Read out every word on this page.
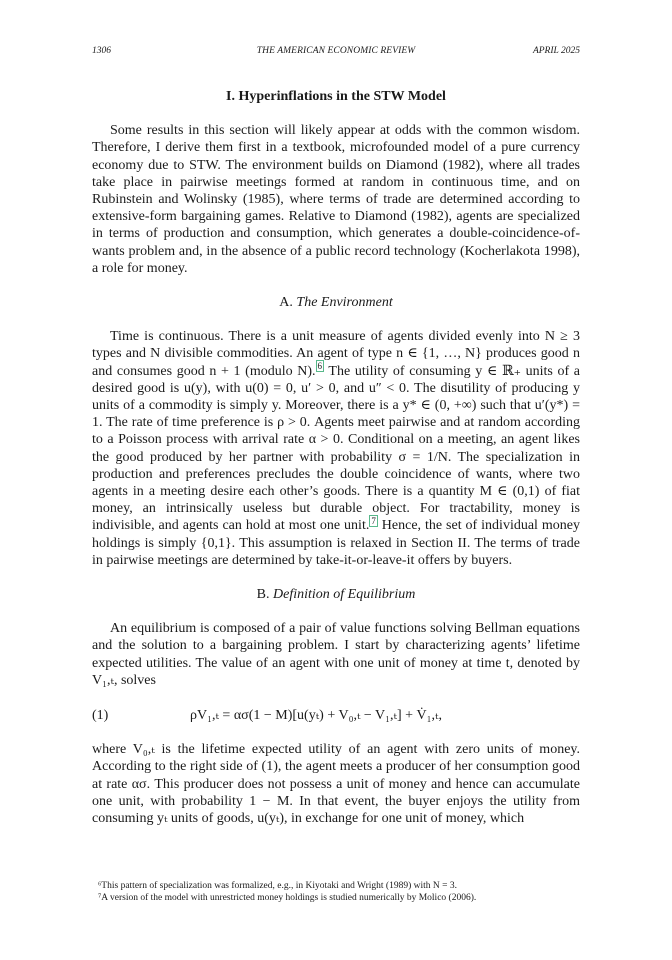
1306	THE AMERICAN ECONOMIC REVIEW	APRIL 2025
I. Hyperinflations in the STW Model

Some results in this section will likely appear at odds with the common wisdom. Therefore, I derive them first in a textbook, microfounded model of a pure currency economy due to STW. The environment builds on Diamond (1982), where all trades take place in pairwise meetings formed at random in continuous time, and on Rubinstein and Wolinsky (1985), where terms of trade are determined according to extensive-form bargaining games. Relative to Diamond (1982), agents are specialized in terms of production and consumption, which generates a double-coincidence-of-wants problem and, in the absence of a public record technology (Kocherlakota 1998), a role for money.

A. The Environment

Time is continuous. There is a unit measure of agents divided evenly into N ≥ 3 types and N divisible commodities. An agent of type n ∈ {1, …, N} produces good n and consumes good n + 1 (modulo N). $^6$ The utility of consuming y ∈ ℝ₊ units of a desired good is u(y), with u(0) = 0, u′ > 0, and u″ < 0. The disutility of producing y units of a commodity is simply y. Moreover, there is a y* ∈ (0, +∞) such that u′(y*) = 1. The rate of time preference is ρ > 0. Agents meet pairwise and at random according to a Poisson process with arrival rate α > 0. Conditional on a meeting, an agent likes the good produced by her partner with probability σ = 1/N. The specialization in production and preferences precludes the double coincidence of wants, where two agents in a meeting desire each other’s goods. There is a quantity M ∈ (0,1) of fiat money, an intrinsically useless but durable object. For tractability, money is indivisible, and agents can hold at most one unit. $^7$ Hence, the set of individual money holdings is simply {0,1}. This assumption is relaxed in Section II. The terms of trade in pairwise meetings are determined by take-it-or-leave-it offers by buyers.

B. Definition of Equilibrium

An equilibrium is composed of a pair of value functions solving Bellman equations and the solution to a bargaining problem. I start by characterizing agents’ lifetime expected utilities. The value of an agent with one unit of money at time t, denoted by V₁,ₜ, solves

(1)	ρV₁,ₜ = ασ(1 − M)[u(yₜ) + V₀,ₜ − V₁,ₜ] + V̇₁,ₜ,

where V₀,ₜ is the lifetime expected utility of an agent with zero units of money. According to the right side of (1), the agent meets a producer of her consumption good at rate ασ. This producer does not possess a unit of money and hence can accumulate one unit, with probability 1 − M. In that event, the buyer enjoys the utility from consuming yₜ units of goods, u(yₜ), in exchange for one unit of money, which

⁶This pattern of specialization was formalized, e.g., in Kiyotaki and Wright (1989) with N = 3.
⁷A version of the model with unrestricted money holdings is studied numerically by Molico (2006).
